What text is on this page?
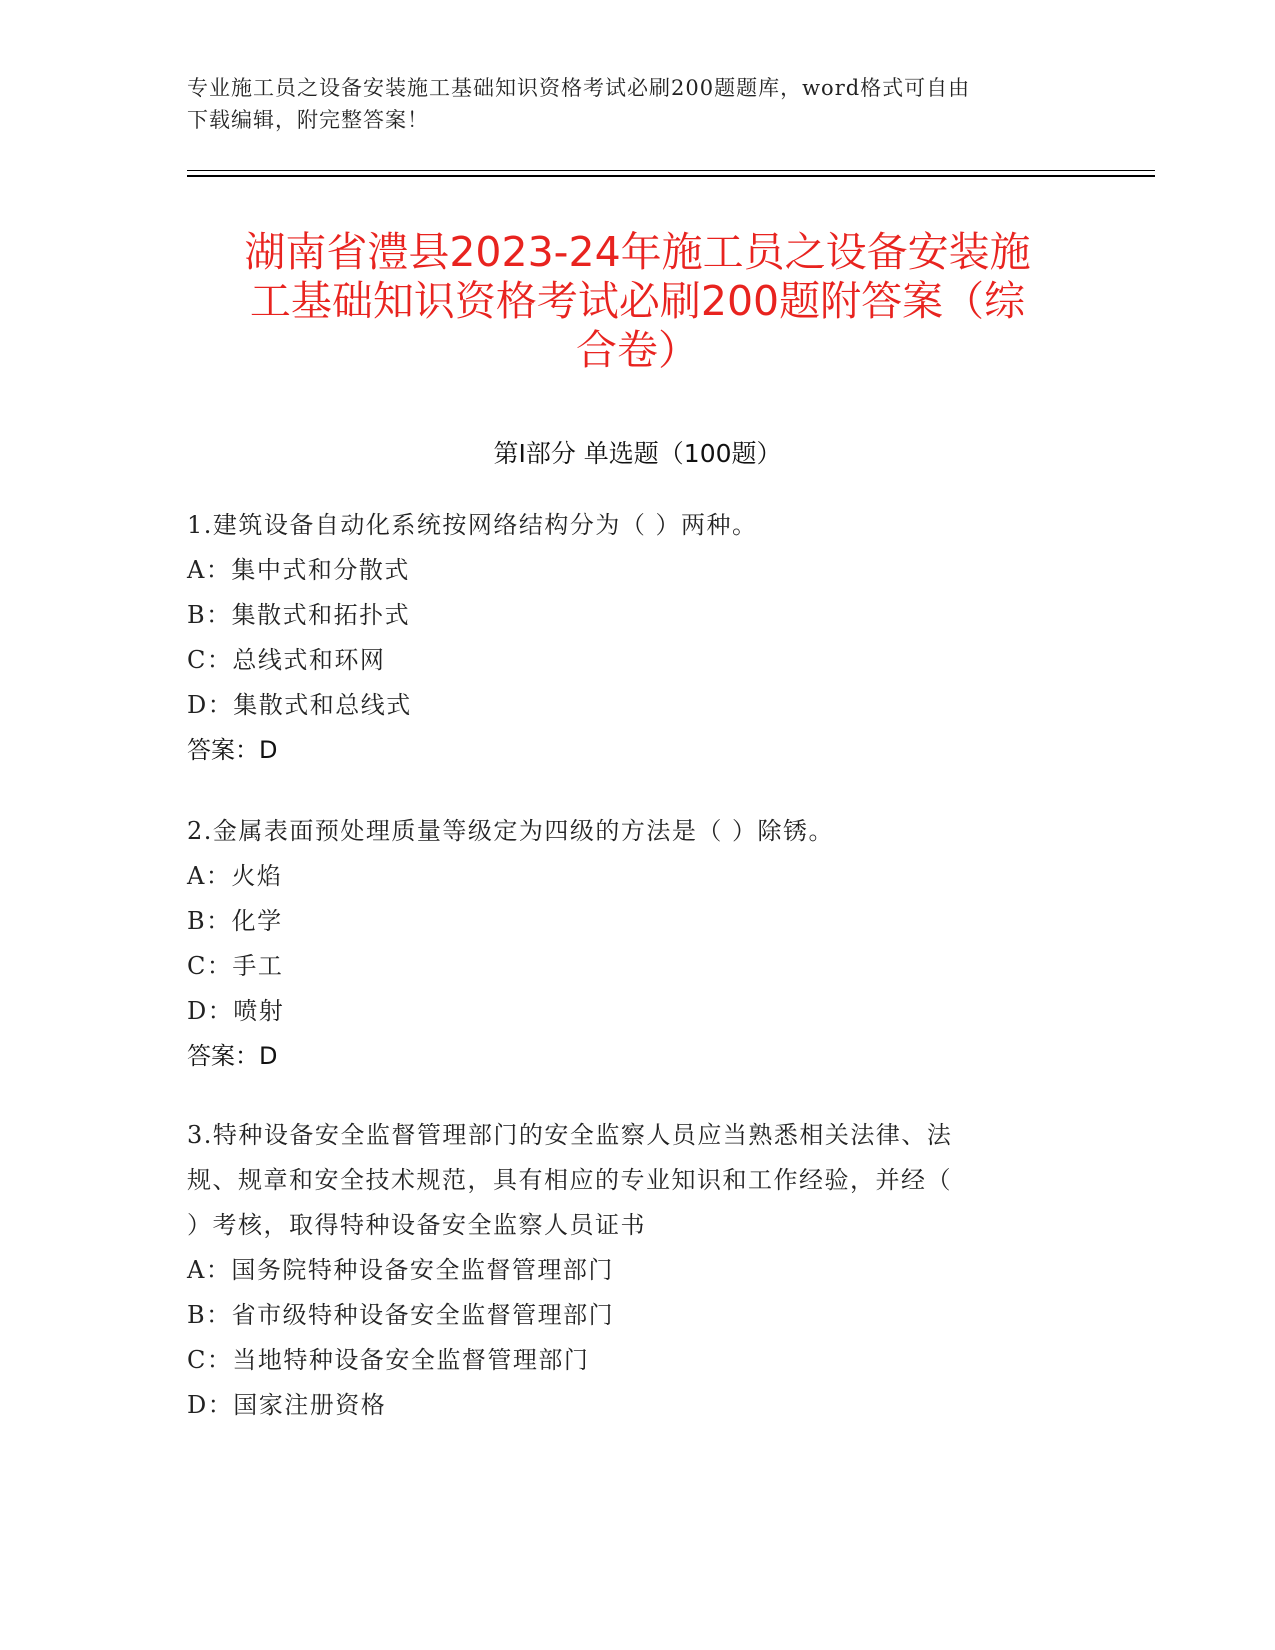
专业施工员之设备安装施工基础知识资格考试必刷200题题库，word格式可自由
下载编辑，附完整答案！
湖南省澧县2023-24年施工员之设备安装施
工基础知识资格考试必刷200题附答案（综
合卷）
第Ⅰ部分 单选题（100题）
1.建筑设备自动化系统按网络结构分为（ ）两种。
A：集中式和分散式
B：集散式和拓扑式
C：总线式和环网
D：集散式和总线式
答案：D
2.金属表面预处理质量等级定为四级的方法是（ ）除锈。
A：火焰
B：化学
C：手工
D：喷射
答案：D
3.特种设备安全监督管理部门的安全监察人员应当熟悉相关法律、法
规、规章和安全技术规范，具有相应的专业知识和工作经验，并经（
）考核，取得特种设备安全监察人员证书
A：国务院特种设备安全监督管理部门
B：省市级特种设备安全监督管理部门
C：当地特种设备安全监督管理部门
D：国家注册资格
